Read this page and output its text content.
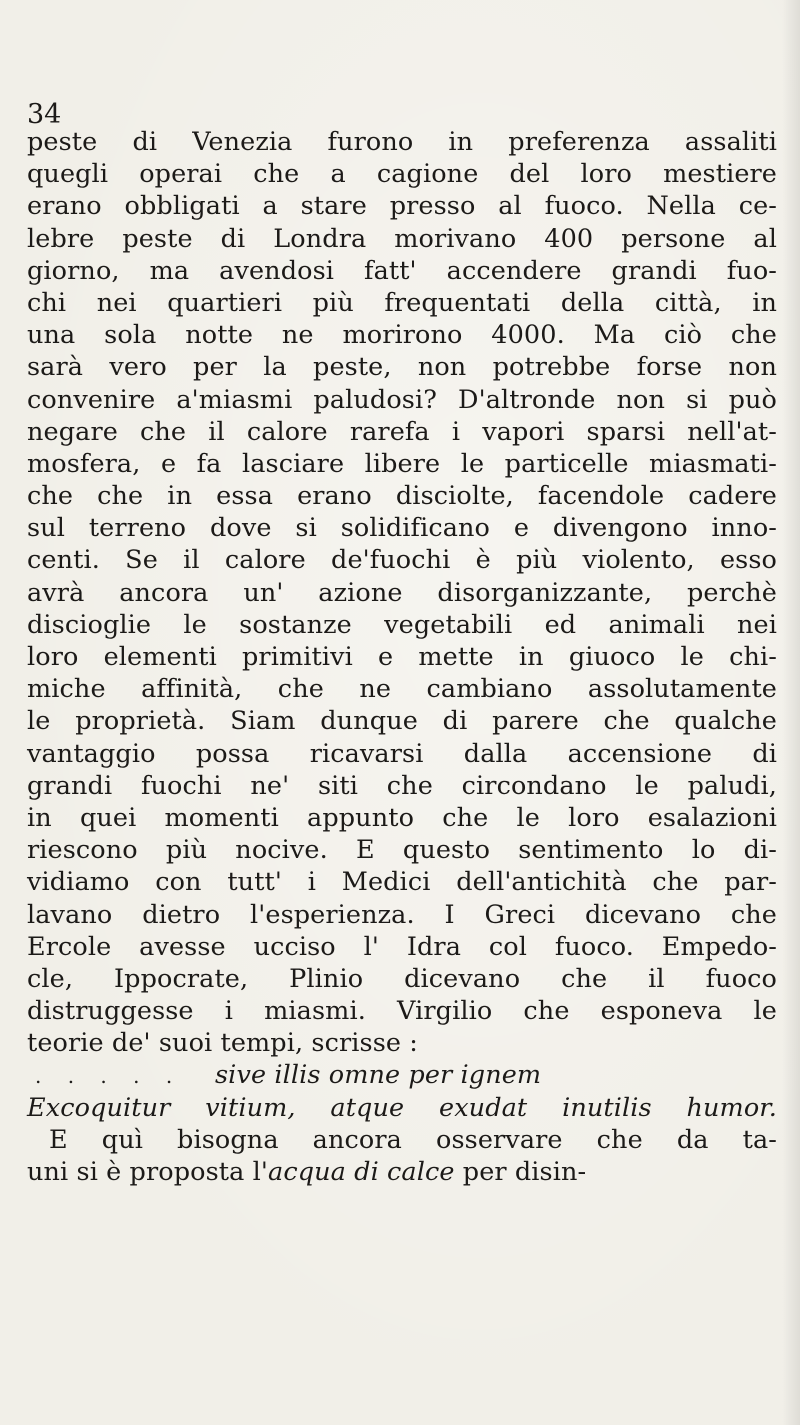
34
peste di Venezia furono in preferenza assaliti
quegli operai che a cagione del loro mestiere
erano obbligati a stare presso al fuoco. Nella ce-
lebre peste di Londra morivano 400 persone al
giorno, ma avendosi fatt' accendere grandi fuo-
chi nei quartieri più frequentati della città, in
una sola notte ne morirono 4000. Ma ciò che
sarà vero per la peste, non potrebbe forse non
convenire a'miasmi paludosi? D'altronde non si può
negare che il calore rarefa i vapori sparsi nell'at-
mosfera, e fa lasciare libere le particelle miasmati-
che che in essa erano disciolte, facendole cadere
sul terreno dove si solidificano e divengono inno-
centi. Se il calore de'fuochi è più violento, esso
avrà ancora un' azione disorganizzante, perchè
discioglie le sostanze vegetabili ed animali nei
loro elementi primitivi e mette in giuoco le chi-
miche affinità, che ne cambiano assolutamente
le proprietà. Siam dunque di parere che qualche
vantaggio possa ricavarsi dalla accensione di
grandi fuochi ne' siti che circondano le paludi,
in quei momenti appunto che le loro esalazioni
riescono più nocive. E questo sentimento lo di-
vidiamo con tutt' i Medici dell'antichità che par-
lavano dietro l'esperienza. I Greci dicevano che
Ercole avesse ucciso l' Idra col fuoco. Empedo-
cle, Ippocrate, Plinio dicevano che il fuoco
distruggesse i miasmi. Virgilio che esponeva le
teorie de' suoi tempi, scrisse :
. . . . . sive illis omne per ignem
Excoquitur vitium, atque exudat inutilis humor.
E quì bisogna ancora osservare che da ta-
uni si è proposta l'acqua di calce per disin-
